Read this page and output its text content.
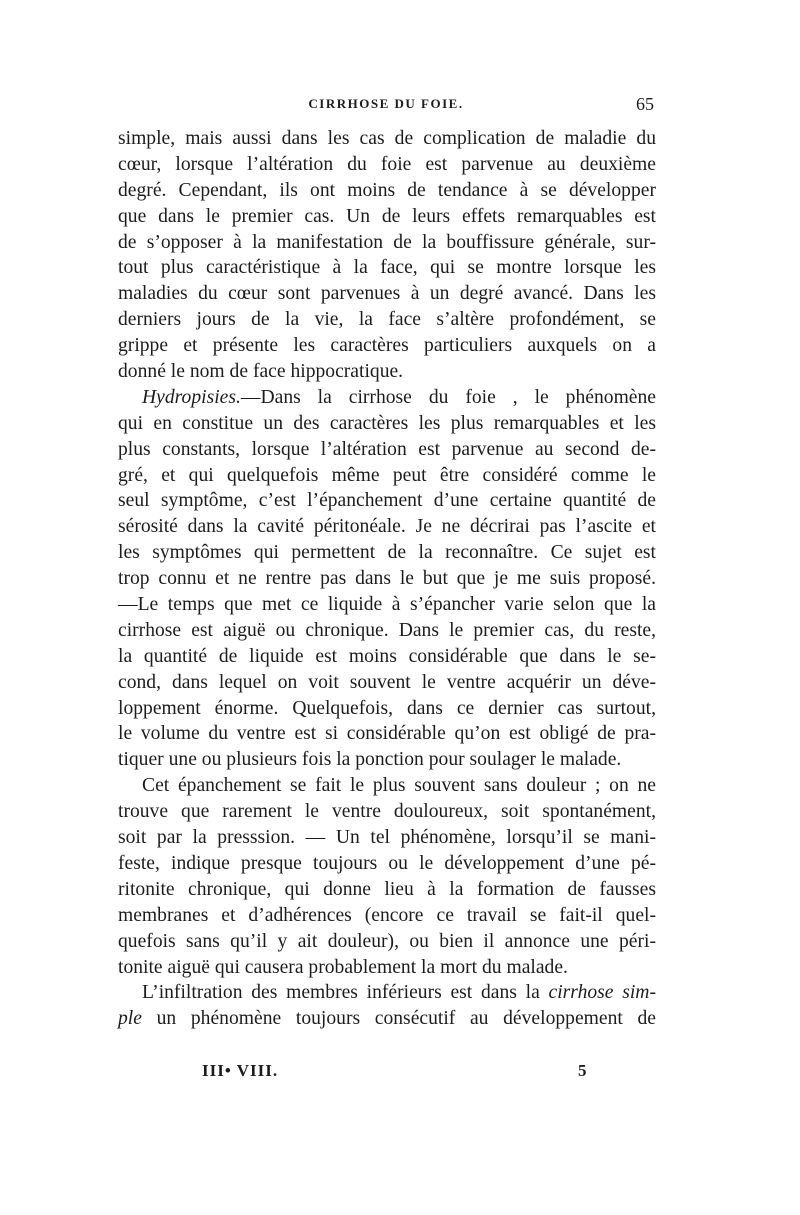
CIRRHOSE DU FOIE.	65
simple, mais aussi dans les cas de complication de maladie du
cœur, lorsque l’altération du foie est parvenue au deuxième
degré. Cependant, ils ont moins de tendance à se développer
que dans le premier cas. Un de leurs effets remarquables est
de s’opposer à la manifestation de la bouffissure générale, sur-
tout plus caractéristique à la face, qui se montre lorsque les
maladies du cœur sont parvenues à un degré avancé. Dans les
derniers jours de la vie, la face s’altère profondément, se
grippe et présente les caractères particuliers auxquels on a
donné le nom de face hippocratique.
Hydropisies.—Dans la cirrhose du foie , le phénomène
qui en constitue un des caractères les plus remarquables et les
plus constants, lorsque l’altération est parvenue au second de-
gré, et qui quelquefois même peut être considéré comme le
seul symptôme, c’est l’épanchement d’une certaine quantité de
sérosité dans la cavité péritonéale. Je ne décrirai pas l’ascite et
les symptômes qui permettent de la reconnaître. Ce sujet est
trop connu et ne rentre pas dans le but que je me suis proposé.
—Le temps que met ce liquide à s’épancher varie selon que la
cirrhose est aiguë ou chronique. Dans le premier cas, du reste,
la quantité de liquide est moins considérable que dans le se-
cond, dans lequel on voit souvent le ventre acquérir un déve-
loppement énorme. Quelquefois, dans ce dernier cas surtout,
le volume du ventre est si considérable qu’on est obligé de pra-
tiquer une ou plusieurs fois la ponction pour soulager le malade.
Cet épanchement se fait le plus souvent sans douleur ; on ne
trouve que rarement le ventre douloureux, soit spontanément,
soit par la presssion. — Un tel phénomène, lorsqu’il se mani-
feste, indique presque toujours ou le développement d’une pé-
ritonite chronique, qui donne lieu à la formation de fausses
membranes et d’adhérences (encore ce travail se fait-il quel-
quefois sans qu’il y ait douleur), ou bien il annonce une péri-
tonite aiguë qui causera probablement la mort du malade.
L’infiltration des membres inférieurs est dans la cirrhose sim-
ple un phénomène toujours consécutif au développement de
III• VIII.	5
